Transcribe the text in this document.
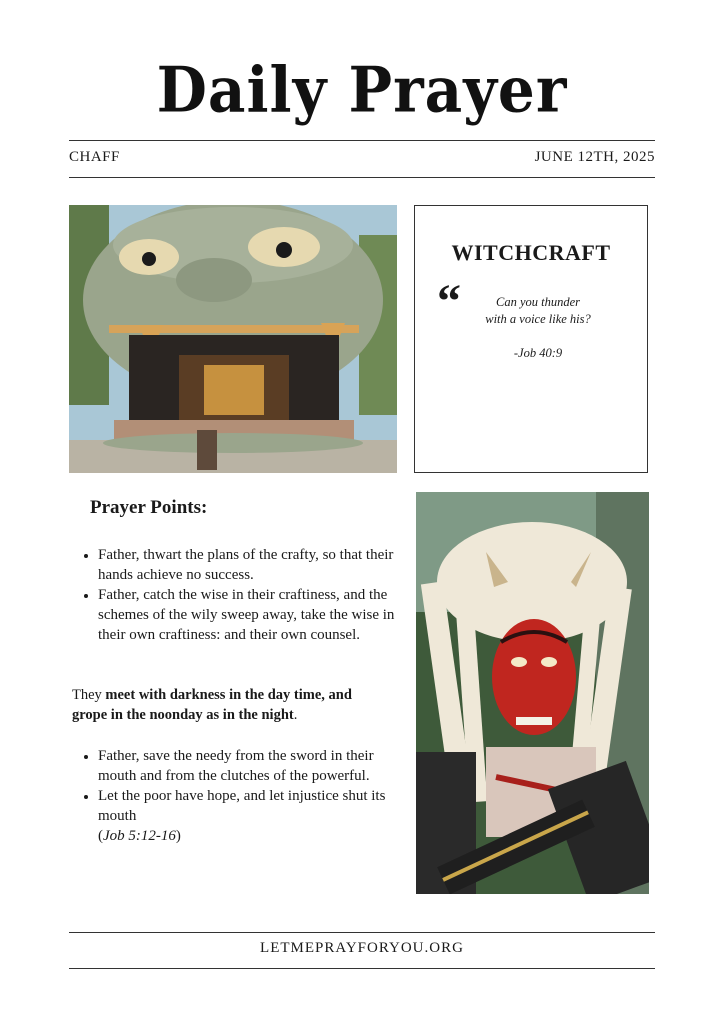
Daily Prayer
CHAFF	JUNE 12TH, 2025
WITCHCRAFT
“	Can you thunder
with a voice like his?
-Job 40:9
Prayer Points:
• Father, thwart the plans of the crafty, so that their hands achieve no success.
• Father, catch the wise in their craftiness, and the schemes of the wily sweep away, take the wise in their own craftiness: and their own counsel.
They meet with darkness in the day time, and grope in the noonday as in the night.
• Father, save the needy from the sword in their mouth and from the clutches of the powerful.
• Let the poor have hope, and let injustice shut its mouth
(Job 5:12-16)
LETMEPRAYFORYOU.ORG
